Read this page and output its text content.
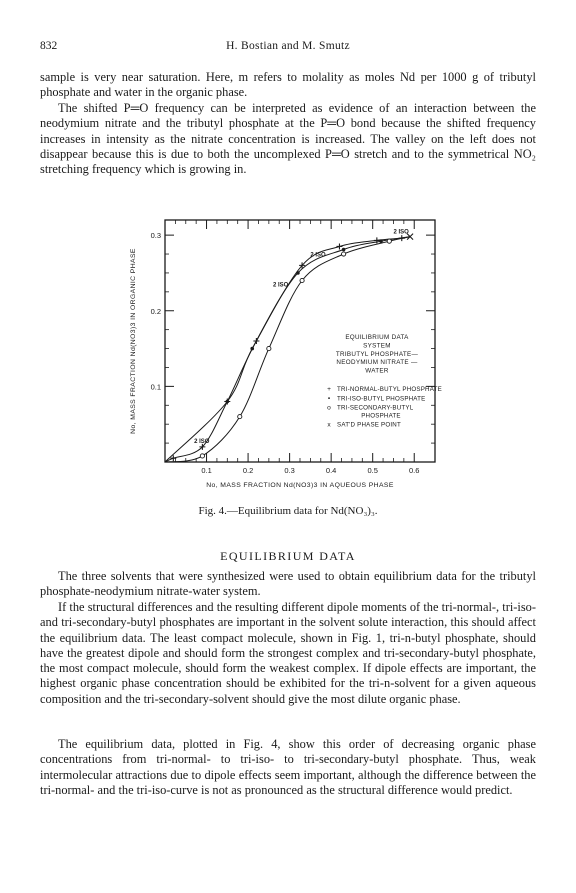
832	H. Bostian and M. Smutz

sample is very near saturation. Here, m refers to molality as moles Nd per 1000 g of tributyl phosphate and water in the organic phase.

The shifted P═O frequency can be interpreted as evidence of an interaction between the neodymium nitrate and the tributyl phosphate at the P═O bond because the shifted frequency increases in intensity as the nitrate concentration is increased. The valley on the left does not disappear because this is due to both the uncomplexed P═O stretch and to the symmetrical NO₂ stretching frequency which is growing in.

0.1	0.2	0.3	0.4	0.5	0.6
0.1
0.2
0.3
No, MASS FRACTION Nd(NO3)3 IN AQUEOUS PHASE
No, MASS FRACTION Nd(NO3)3 IN ORGANIC PHASE	2 ISO
2 ISO
2 ISO
2 ISO
EQUILIBRIUM DATA
SYSTEM
TRIBUTYL PHOSPHATE—
NEODYMIUM NITRATE —
WATER
+ TRI-NORMAL-BUTYL PHOSPHATE
• TRI-ISO-BUTYL PHOSPHATE
o TRI-SECONDARY-BUTYL
PHOSPHATE
x SAT'D PHASE POINT
Fig. 4.—Equilibrium data for Nd(NO₃)₃.
EQUILIBRIUM DATA

The three solvents that were synthesized were used to obtain equilibrium data for the tributyl phosphate-neodymium nitrate-water system.

If the structural differences and the resulting different dipole moments of the tri-normal-, tri-iso- and tri-secondary-butyl phosphates are important in the solvent solute interaction, this should affect the equilibrium data. The least compact molecule, shown in Fig. 1, tri-n-butyl phosphate, should have the greatest dipole and should form the strongest complex and tri-secondary-butyl phosphate, the most compact molecule, should form the weakest complex. If dipole effects are important, the highest organic phase concentration should be exhibited for the tri-n-solvent for a given aqueous composition and the tri-secondary-solvent should give the most dilute organic phase.

The equilibrium data, plotted in Fig. 4, show this order of decreasing organic phase concentrations from tri-normal- to tri-iso- to tri-secondary-butyl phosphate. Thus, weak intermolecular attractions due to dipole effects seem important, although the difference between the tri-normal- and the tri-iso-curve is not as pronounced as the structural difference would predict.
